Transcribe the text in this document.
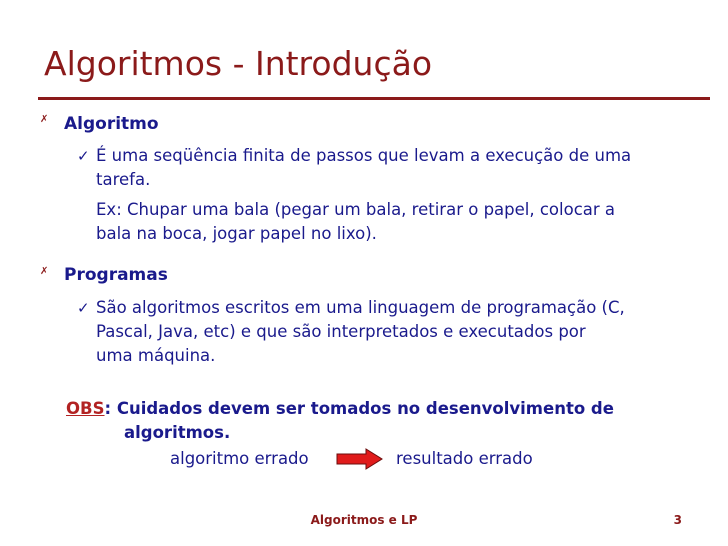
Algoritmos - Introdução
✗ Algoritmo
✓ É uma seqüência finita de passos que levam a execução de uma
tarefa.
Ex: Chupar uma bala (pegar um bala, retirar o papel, colocar a
bala na boca, jogar papel no lixo).
✗ Programas
✓ São algoritmos escritos em uma linguagem de programação (C,
Pascal, Java, etc) e que são interpretados e executados por
uma máquina.
OBS: Cuidados devem ser tomados no desenvolvimento de
algoritmos.
algoritmo errado	resultado errado
Algoritmos e LP	3
